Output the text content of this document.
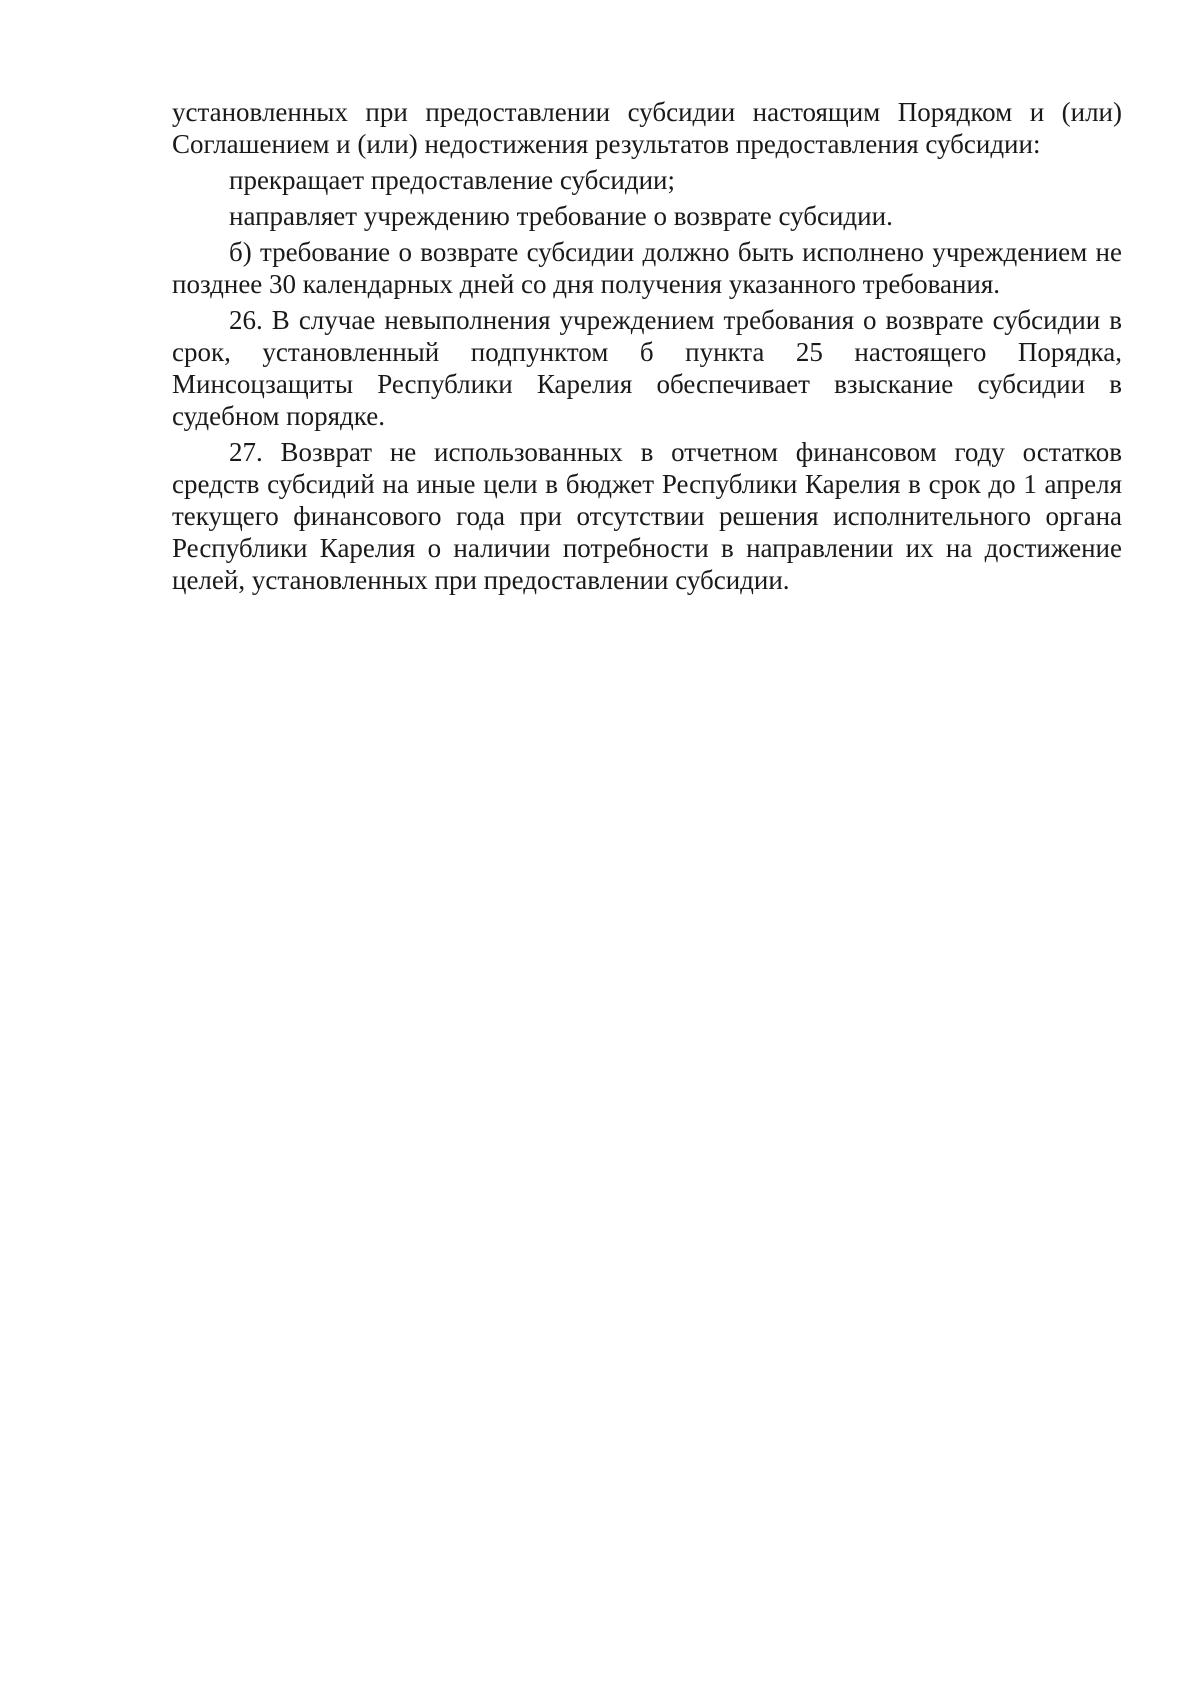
установленных при предоставлении субсидии настоящим Порядком и (или) Соглашением и (или) недостижения результатов предоставления субсидии:

прекращает предоставление субсидии;

направляет учреждению требование о возврате субсидии.

б) требование о возврате субсидии должно быть исполнено учреждением не позднее 30 календарных дней со дня получения указанного требования.

26. В случае невыполнения учреждением требования о возврате субсидии в срок, установленный подпунктом б пункта 25 настоящего Порядка, Минсоцзащиты Республики Карелия обеспечивает взыскание субсидии в судебном порядке.

27. Возврат не использованных в отчетном финансовом году остатков средств субсидий на иные цели в бюджет Республики Карелия в срок до 1 апреля текущего финансового года при отсутствии решения исполнительного органа Республики Карелия о наличии потребности в направлении их на достижение целей, установленных при предоставлении субсидии.
